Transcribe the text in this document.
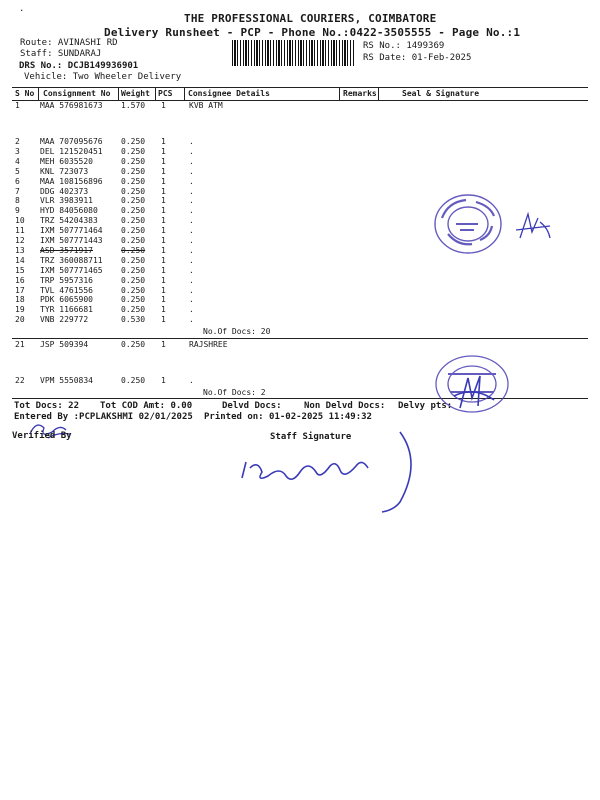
.
THE PROFESSIONAL COURIERS, COIMBATORE
Delivery Runsheet - PCP - Phone No.:0422-3505555 - Page No.:1
Route: AVINASHI RD
Staff: SUNDARAJ
DRS No.: DCJB149936901
Vehicle: Two Wheeler Delivery
RS No.: 1499369
RS Date: 01-Feb-2025
S No Consignment No Weight PCS Consignee Details	Remarks	Seal & Signature
1	MAA 576981673 1.570 1	KVB ATM
2	MAA 707095676 0.250 1	.
3	DEL 121520451 0.250 1	.
4	MEH 6035520	0.250 1	.
5	KNL 723073	0.250 1	.
6	MAA 108156896 0.250 1	.
7	DDG 402373	0.250 1	.
8	VLR 3983911	0.250 1	.
9	HYD 84056080	0.250 1	.
10 TRZ 54204383	0.250 1	.
11 IXM 507771464 0.250 1	.
12 IXM 507771443 0.250 1	.
13 ASD 3571917	0.250 1	.
14 TRZ 360088711 0.250 1	.
15 IXM 507771465 0.250 1	.
16 TRP 5957316	0.250 1	.
17 TVL 4761556	0.250 1	.
18 PDK 6065900	0.250 1	.
19 TYR 1166681	0.250 1	.
20 VNB 229772	0.530 1	.
No.Of Docs: 20
21 JSP 509394	0.250 1	RAJSHREE
22 VPM 5550834	0.250 1	.
No.Of Docs: 2
Tot Docs: 22 Tot COD Amt: 0.00	Delvd Docs: Non Delvd Docs: Delvy pts:
Entered By :PCPLAKSHMI 02/01/2025 Printed on: 01-02-2025 11:49:32
Verified By	Staff Signature
